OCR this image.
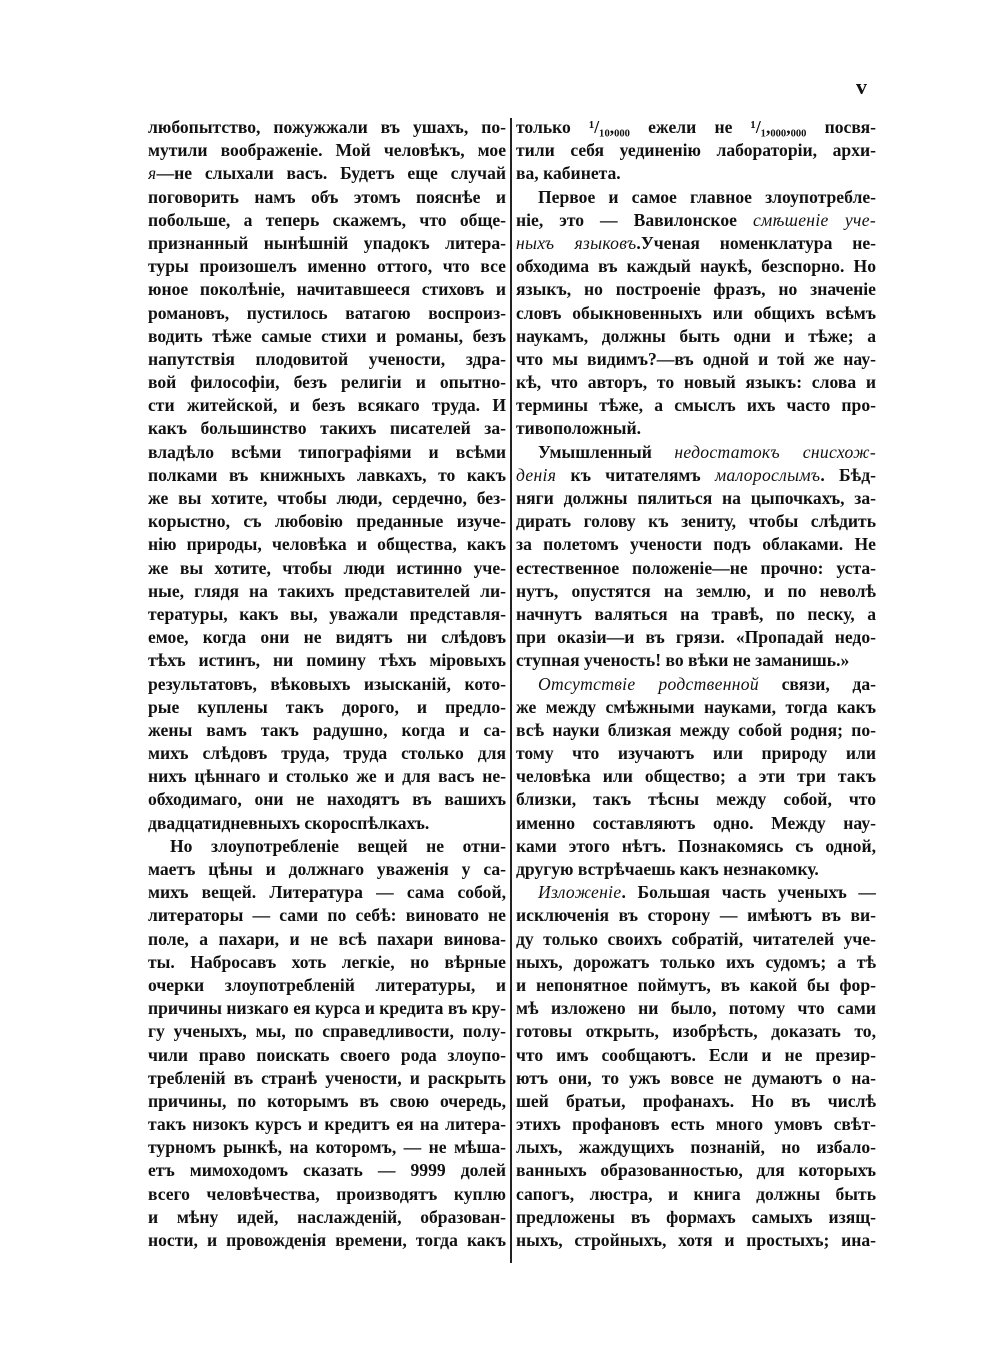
v
любопытство, пожужжали въ ушахъ, по-
мутили воображеніе. Мой человѣкъ, мое
я—не слыхали васъ. Будетъ еще случай
поговорить намъ объ этомъ пояснѣе и
побольше, а теперь скажемъ, что обще-
признанный нынѣшній упадокъ литера-
туры произошелъ именно оттого, что все
юное поколѣніе, начитавшееся стиховъ и
романовъ, пустилось ватагою воспроиз-
водить тѣже самые стихи и романы, безъ
напутствія плодовитой учености, здра-
вой философіи, безъ религіи и опытно-
сти житейской, и безъ всякаго труда. И
какъ большинство такихъ писателей за-
владѣло всѣми типографіями и всѣми
полками въ книжныхъ лавкахъ, то какъ
же вы хотите, чтобы люди, сердечно, без-
корыстно, съ любовію преданные изуче-
нію природы, человѣка и общества, какъ
же вы хотите, чтобы люди истинно уче-
ные, глядя на такихъ представителей ли-
тературы, какъ вы, уважали представля-
емое, когда они не видятъ ни слѣдовъ
тѣхъ истинъ, ни помину тѣхъ міровыхъ
результатовъ, вѣковыхъ изысканій, кото-
рые куплены такъ дорого, и предло-
жены вамъ такъ радушно, когда и са-
михъ слѣдовъ труда, труда столько для
нихъ цѣннаго и столько же и для васъ не-
обходимаго, они не находятъ въ вашихъ
двадцатидневныхъ скороспѣлкахъ.
Но злоупотребленіе вещей не отни-
маетъ цѣны и должнаго уваженія у са-
михъ вещей. Литература — сама собой,
литераторы — сами по себѣ: виновато не
поле, а пахари, и не всѣ пахари винова-
ты. Набросавъ хоть легкіе, но вѣрные
очерки злоупотребленій литературы, и
причины низкаго ея курса и кредита въ кру-
гу ученыхъ, мы, по справедливости, полу-
чили право поискать своего рода злоупо-
требленій въ странѣ учености, и раскрыть
причины, по которымъ въ свою очередь,
такъ низокъ курсъ и кредитъ ея на литера-
турномъ рынкѣ, на которомъ, — не мѣша-
етъ мимоходомъ сказать — 9999 долей
всего человѣчества, производятъ куплю
и мѣну идей, наслажденій, образован-
ности, и провожденія времени, тогда какъ
только ¹/₁₀,₀₀₀ ежели не ¹/₁,₀₀₀,₀₀₀ посвя-
тили себя уединенію лабораторіи, архи-
ва, кабинета.
Первое и самое главное злоупотребле-
ніе, это — Вавилонское смѣшеніе уче-
ныхъ языковъ.Ученая номенклатура не-
обходима въ каждый наукѣ, безспорно. Но
языкъ, но построеніе фразъ, но значеніе
словъ обыкновенныхъ или общихъ всѣмъ
наукамъ, должны быть одни и тѣже; а
что мы видимъ?—въ одной и той же нау-
кѣ, что авторъ, то новый языкъ: слова и
термины тѣже, а смыслъ ихъ часто про-
тивоположный.
Умышленный недостатокъ снисхож-
денія къ читателямъ малорослымъ. Бѣд-
няги должны пялиться на цыпочкахъ, за-
дирать голову къ зениту, чтобы слѣдить
за полетомъ учености подъ облаками. Не
естественное положеніе—не прочно: уста-
нутъ, опустятся на землю, и по неволѣ
начнутъ валяться на травѣ, по песку, а
при оказіи—и въ грязи. «Пропадай недо-
ступная ученость! во вѣки не заманишь.»
Отсутствіе родственной связи, да-
же между смѣжными науками, тогда какъ
всѣ науки близкая между собой родня; по-
тому что изучаютъ или природу или
человѣка или общество; а эти три такъ
близки, такъ тѣсны между собой, что
именно составляютъ одно. Между нау-
ками этого нѣтъ. Познакомясь съ одной,
другую встрѣчаешь какъ незнакомку.
Изложеніе. Большая часть ученыхъ —
исключенія въ сторону — имѣютъ въ ви-
ду только своихъ собратій, читателей уче-
ныхъ, дорожатъ только ихъ судомъ; а тѣ
и непонятное поймутъ, въ какой бы фор-
мѣ изложено ни было, потому что сами
готовы открыть, изобрѣсть, доказать то,
что имъ сообщаютъ. Если и не презир-
ютъ они, то ужъ вовсе не думаютъ о на-
шей братьи, профанахъ. Но въ числѣ
этихъ профановъ есть много умовъ свѣт-
лыхъ, жаждущихъ познаній, но избало-
ванныхъ образованностью, для которыхъ
сапогъ, люстра, и книга должны быть
предложены въ формахъ самыхъ изящ-
ныхъ, стройныхъ, хотя и простыхъ; ина-
